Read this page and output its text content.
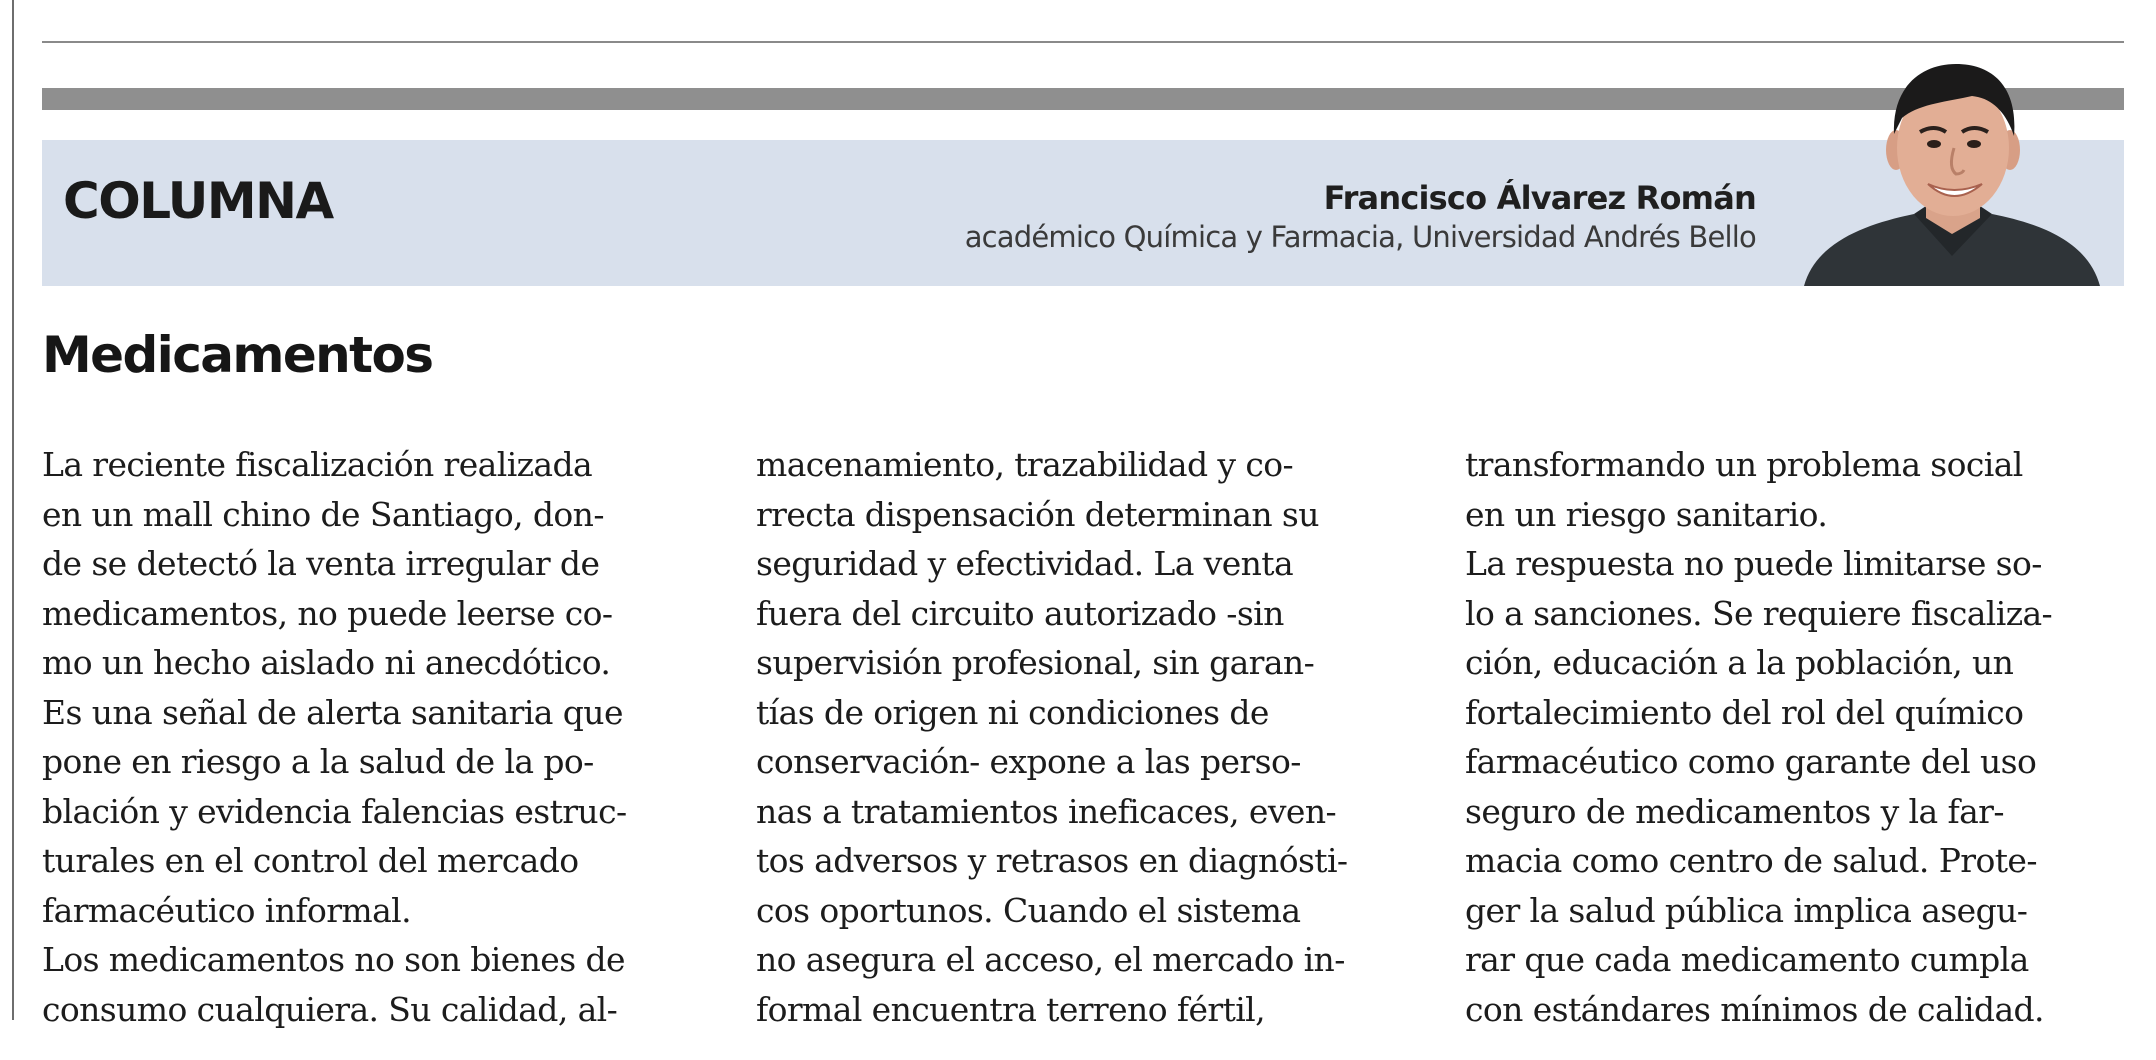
COLUMNA	Francisco Álvarez Román
académico Química y Farmacia, Universidad Andrés Bello
Medicamentos
La reciente fiscalización realizada
en un mall chino de Santiago, don-
de se detectó la venta irregular de
medicamentos, no puede leerse co-
mo un hecho aislado ni anecdótico.
Es una señal de alerta sanitaria que
pone en riesgo a la salud de la po-
blación y evidencia falencias estruc-
turales en el control del mercado
farmacéutico informal.
Los medicamentos no son bienes de
consumo cualquiera. Su calidad, al-
macenamiento, trazabilidad y co-
rrecta dispensación determinan su
seguridad y efectividad. La venta
fuera del circuito autorizado -sin
supervisión profesional, sin garan-
tías de origen ni condiciones de
conservación- expone a las perso-
nas a tratamientos ineficaces, even-
tos adversos y retrasos en diagnósti-
cos oportunos. Cuando el sistema
no asegura el acceso, el mercado in-
formal encuentra terreno fértil,
transformando un problema social
en un riesgo sanitario.
La respuesta no puede limitarse so-
lo a sanciones. Se requiere fiscaliza-
ción, educación a la población, un
fortalecimiento del rol del químico
farmacéutico como garante del uso
seguro de medicamentos y la far-
macia como centro de salud. Prote-
ger la salud pública implica asegu-
rar que cada medicamento cumpla
con estándares mínimos de calidad.
